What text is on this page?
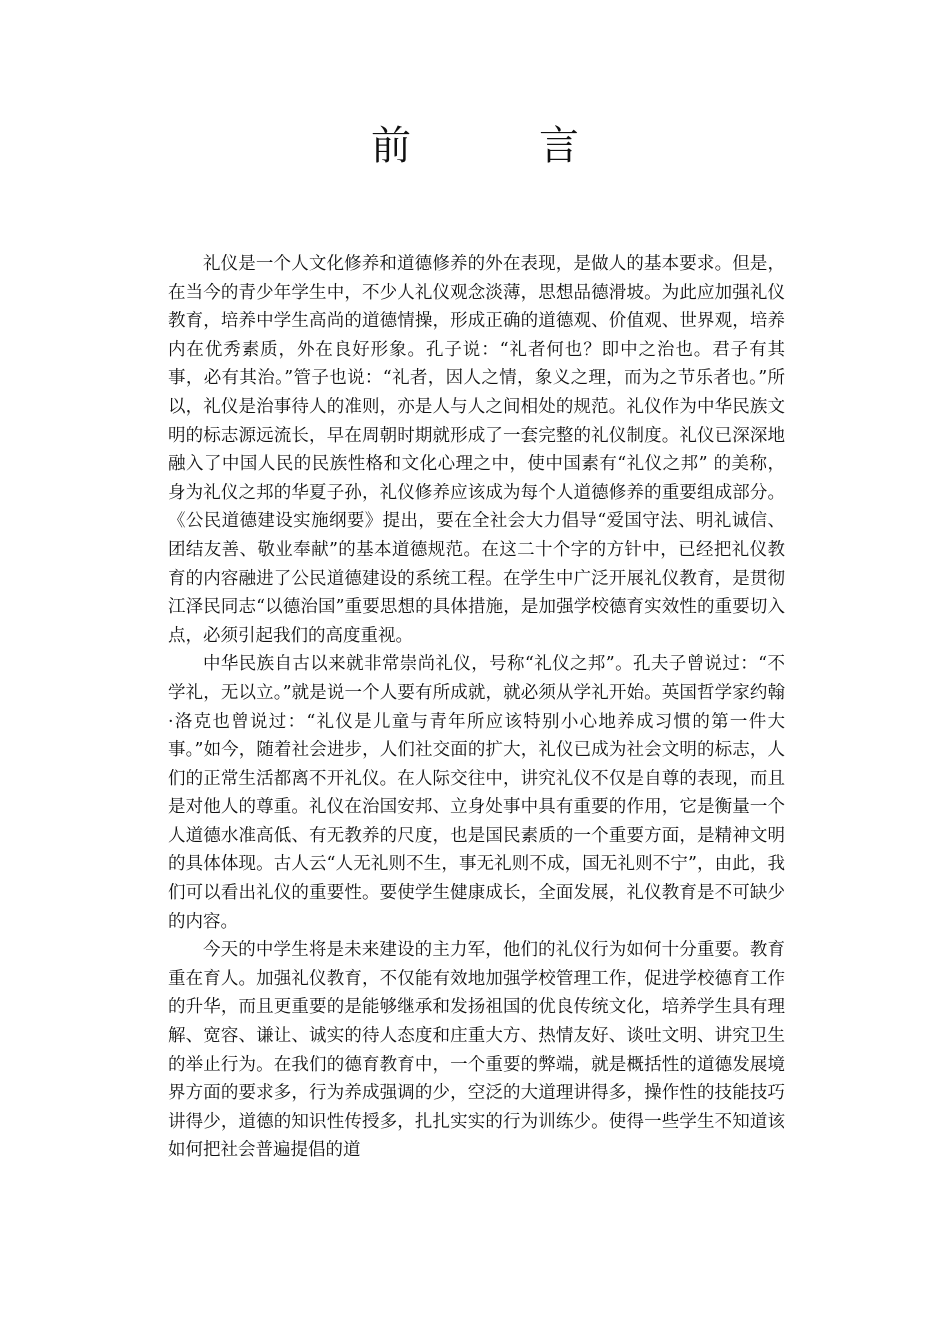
前　言

礼仪是一个人文化修养和道德修养的外在表现，是做人的基本要求。但是，在当今的青少年学生中，不少人礼仪观念淡薄，思想品德滑坡。为此应加强礼仪教育，培养中学生高尚的道德情操，形成正确的道德观、价值观、世界观，培养内在优秀素质，外在良好形象。孔子说：“礼者何也？即中之治也。君子有其事，必有其治。”管子也说：“礼者，因人之情，象义之理，而为之节乐者也。”所以，礼仪是治事待人的准则，亦是人与人之间相处的规范。礼仪作为中华民族文明的标志源远流长，早在周朝时期就形成了一套完整的礼仪制度。礼仪已深深地融入了中国人民的民族性格和文化心理之中，使中国素有“礼仪之邦” 的美称， 身为礼仪之邦的华夏子孙，礼仪修养应该成为每个人道德修养的重要组成部分。《公民道德建设实施纲要》提出，要在全社会大力倡导“爱国守法、明礼诚信、团结友善、敬业奉献”的基本道德规范。在这二十个字的方针中，已经把礼仪教育的内容融进了公民道德建设的系统工程。在学生中广泛开展礼仪教育，是贯彻江泽民同志“以德治国”重要思想的具体措施，是加强学校德育实效性的重要切入点，必须引起我们的高度重视。

中华民族自古以来就非常崇尚礼仪，号称“礼仪之邦”。孔夫子曾说过：“不学礼，无以立。”就是说一个人要有所成就，就必须从学礼开始。英国哲学家约翰·洛克也曾说过：“礼仪是儿童与青年所应该特别小心地养成习惯的第一件大事。”如今，随着社会进步，人们社交面的扩大，礼仪已成为社会文明的标志，人们的正常生活都离不开礼仪。在人际交往中，讲究礼仪不仅是自尊的表现，而且是对他人的尊重。礼仪在治国安邦、立身处事中具有重要的作用，它是衡量一个人道德水准高低、有无教养的尺度，也是国民素质的一个重要方面，是精神文明的具体体现。古人云“人无礼则不生，事无礼则不成，国无礼则不宁”，由此，我们可以看出礼仪的重要性。要使学生健康成长，全面发展，礼仪教育是不可缺少的内容。

今天的中学生将是未来建设的主力军，他们的礼仪行为如何十分重要。教育重在育人。加强礼仪教育，不仅能有效地加强学校管理工作，促进学校德育工作的升华，而且更重要的是能够继承和发扬祖国的优良传统文化，培养学生具有理解、宽容、谦让、诚实的待人态度和庄重大方、热情友好、谈吐文明、讲究卫生的举止行为。在我们的德育教育中，一个重要的弊端，就是概括性的道德发展境界方面的要求多，行为养成强调的少，空泛的大道理讲得多，操作性的技能技巧讲得少，道德的知识性传授多，扎扎实实的行为训练少。使得一些学生不知道该如何把社会普遍提倡的道
